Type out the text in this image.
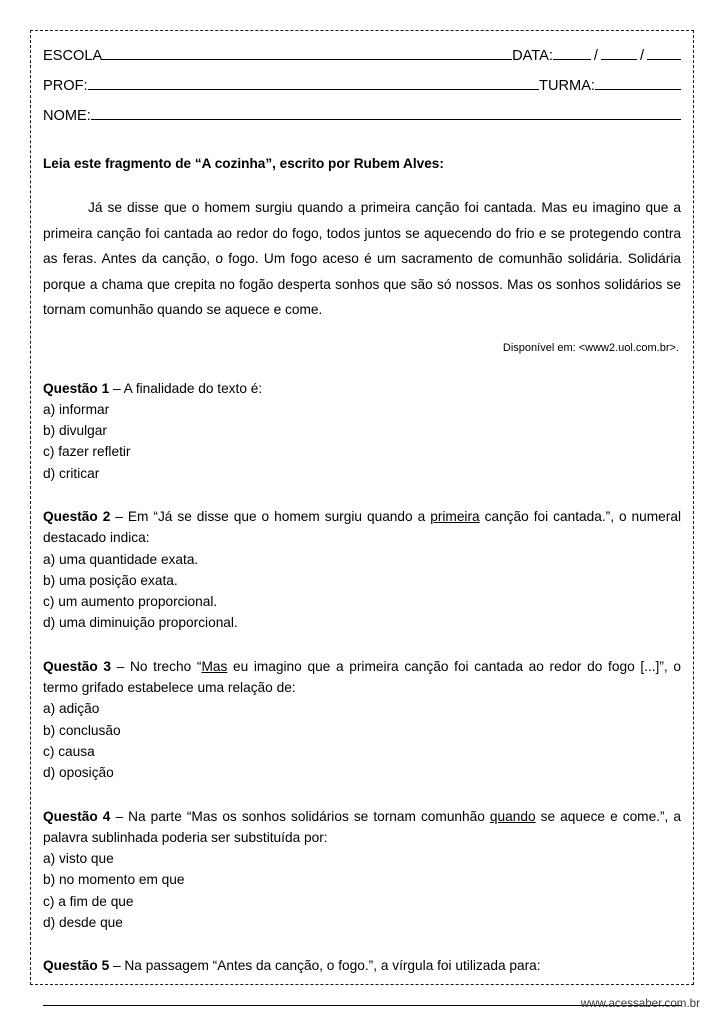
ESCOLA	DATA:	/	/
PROF:	TURMA:
NOME:
Leia este fragmento de “A cozinha”, escrito por Rubem Alves:
Já se disse que o homem surgiu quando a primeira canção foi cantada. Mas eu imagino que a primeira canção foi cantada ao redor do fogo, todos juntos se aquecendo do frio e se protegendo contra as feras. Antes da canção, o fogo. Um fogo aceso é um sacramento de comunhão solidária. Solidária porque a chama que crepita no fogão desperta sonhos que são só nossos. Mas os sonhos solidários se tornam comunhão quando se aquece e come.
Disponível em: <www2.uol.com.br>.
Questão 1 – A finalidade do texto é:
a) informar
b) divulgar
c) fazer refletir
d) criticar
Questão 2 – Em “Já se disse que o homem surgiu quando a primeira canção foi cantada.”, o numeral destacado indica:
a) uma quantidade exata.
b) uma posição exata.
c) um aumento proporcional.
d) uma diminuição proporcional.
Questão 3 – No trecho “Mas eu imagino que a primeira canção foi cantada ao redor do fogo [...]”, o termo grifado estabelece uma relação de:
a) adição
b) conclusão
c) causa
d) oposição
Questão 4 – Na parte “Mas os sonhos solidários se tornam comunhão quando se aquece e come.”, a palavra sublinhada poderia ser substituída por:
a) visto que
b) no momento em que
c) a fim de que
d) desde que
Questão 5 – Na passagem “Antes da canção, o fogo.”, a vírgula foi utilizada para:
www.acessaber.com.br
